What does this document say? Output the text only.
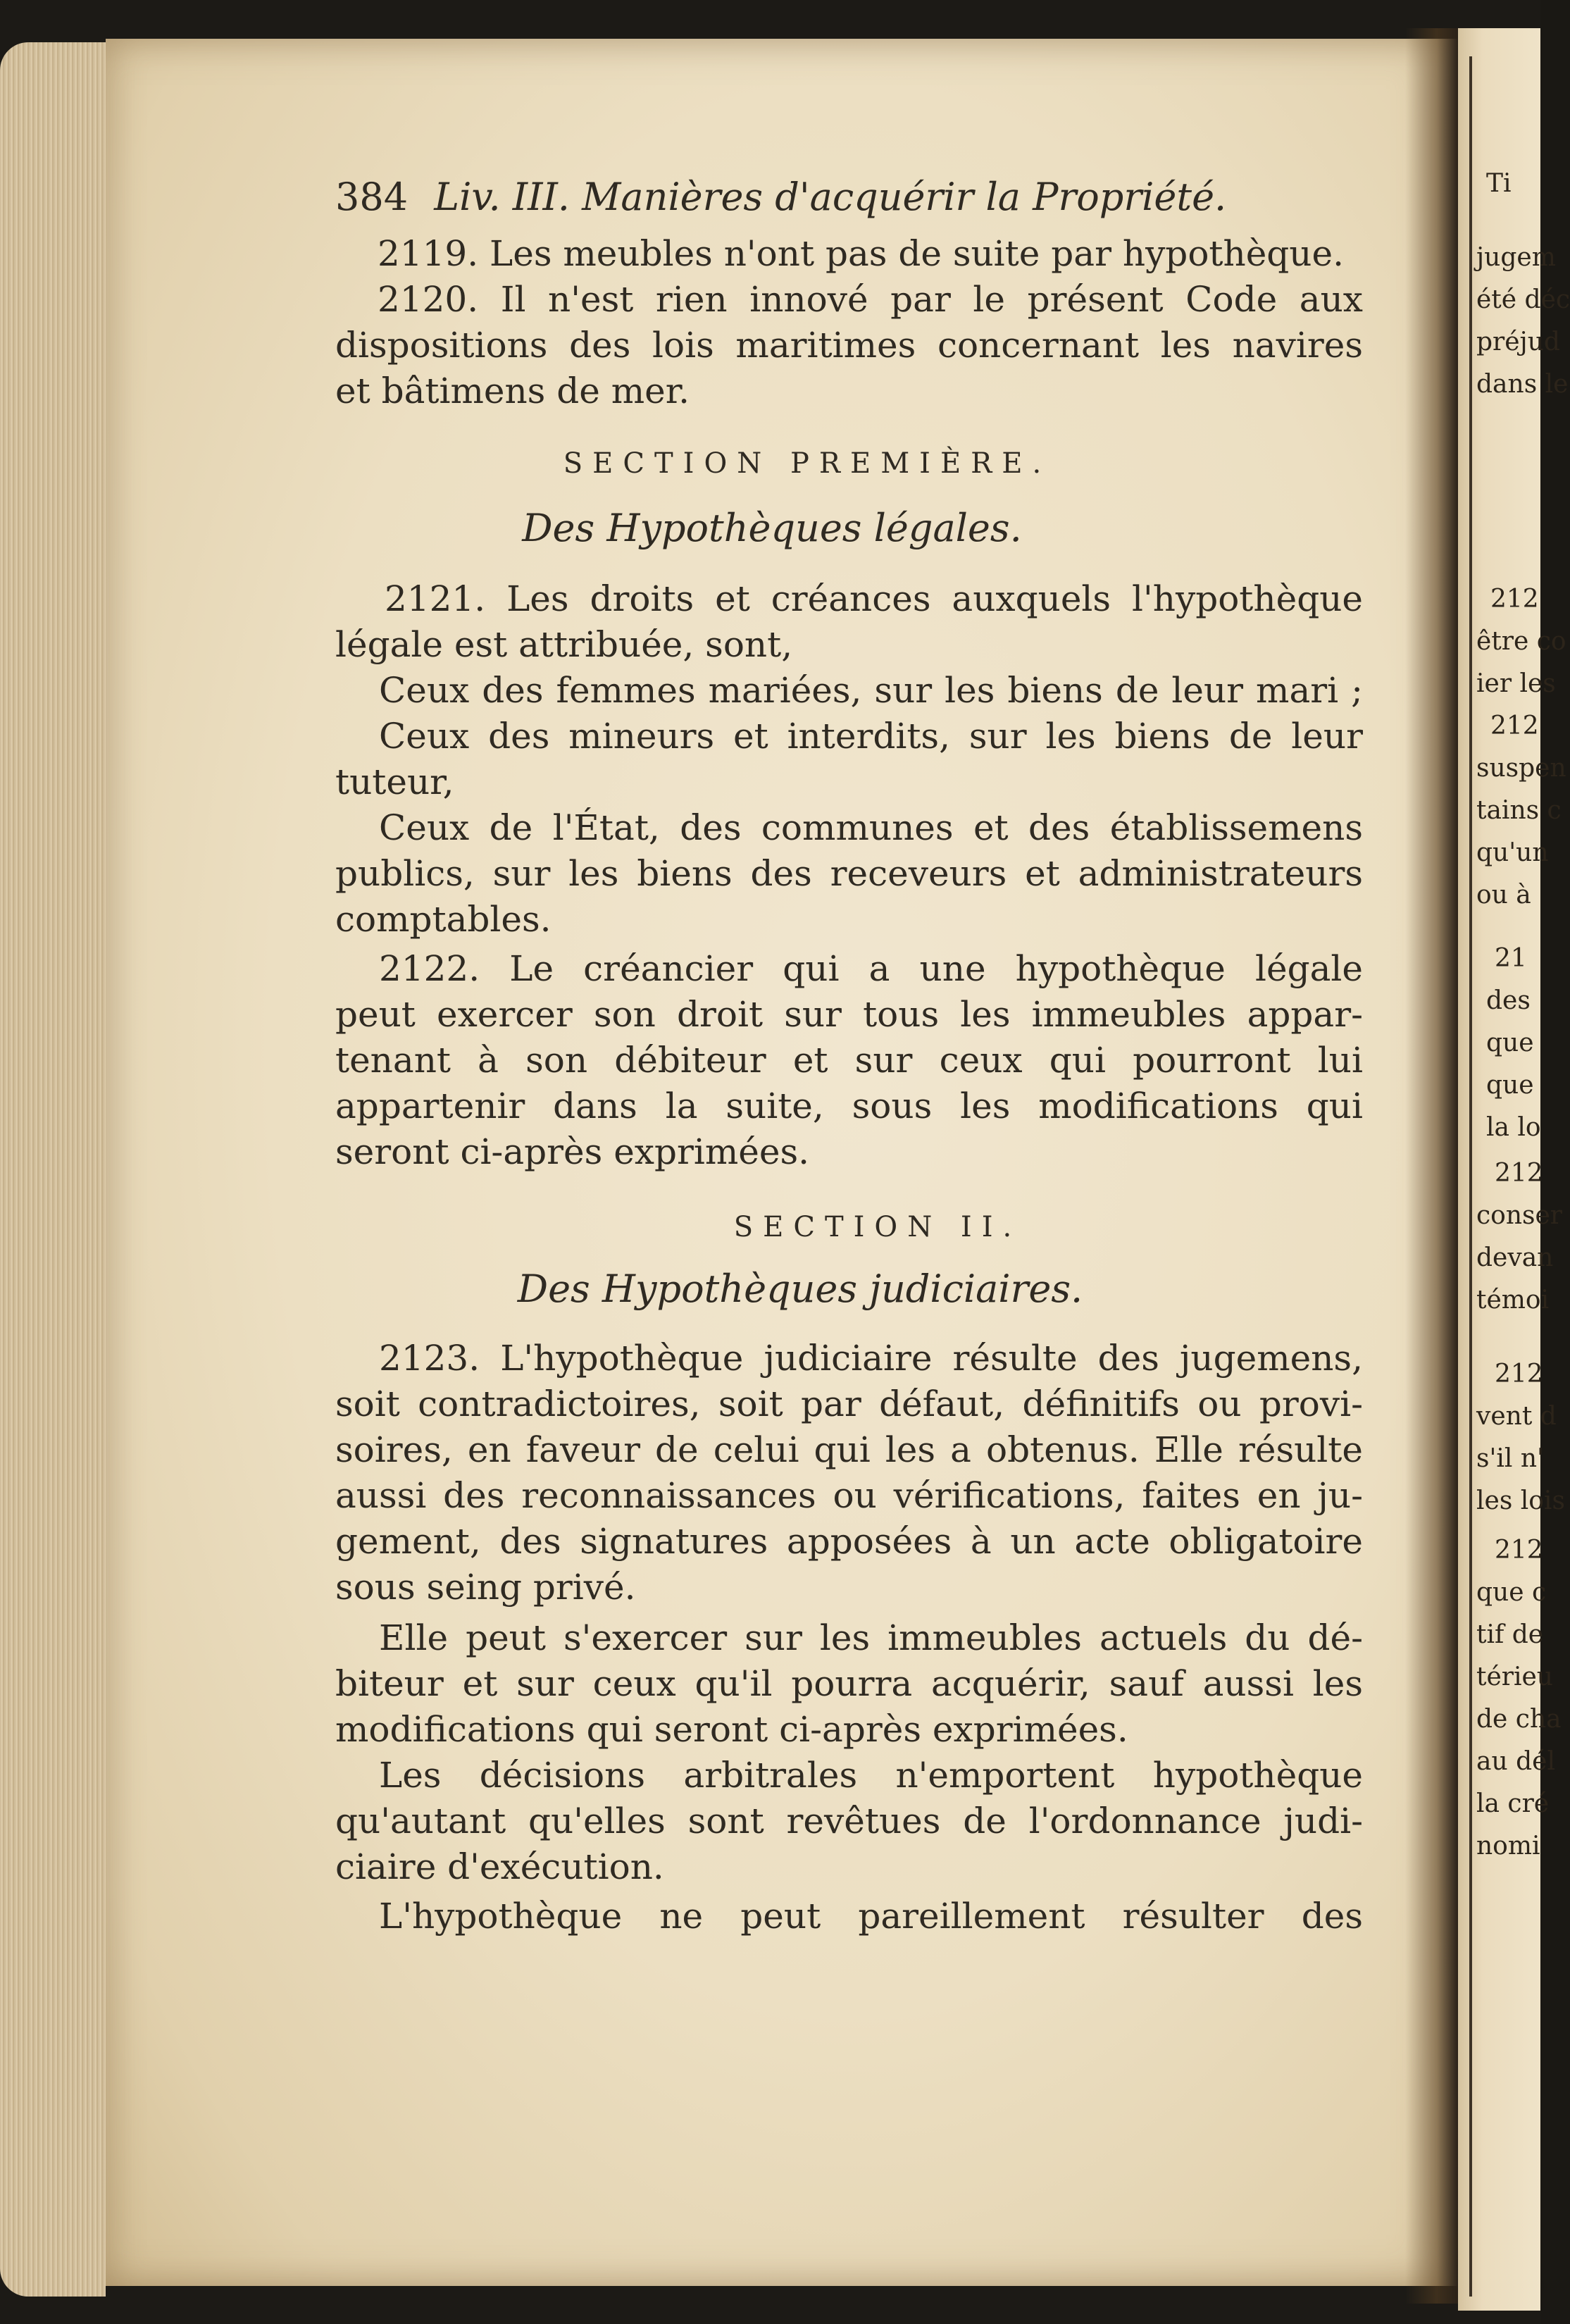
Ti
jugem
été déc
préjud
dans le
212
être co
ier les
212
suspen
tains c
qu'un
ou à
21
des
que
que
la lo
212
conser
devan
témoi
212
vent d
s'il n'
les lois
212
que c
tif de
térieu
de cha
au dél
la cré
nomi
384 Liv. III. Manières d'acquérir la Propriété.
2119. Les meubles n'ont pas de suite par hypothèque.
2120. Il n'est rien innové par le présent Code aux
dispositions des lois maritimes concernant les navires
et bâtimens de mer.
SECTION PREMIÈRE.
Des Hypothèques légales.
2121. Les droits et créances auxquels l'hypothèque
légale est attribuée, sont,
Ceux des femmes mariées, sur les biens de leur mari ;
Ceux des mineurs et interdits, sur les biens de leur
tuteur,
Ceux de l'État, des communes et des établissemens
publics, sur les biens des receveurs et administrateurs
comptables.
2122. Le créancier qui a une hypothèque légale
peut exercer son droit sur tous les immeubles appar-
tenant à son débiteur et sur ceux qui pourront lui
appartenir dans la suite, sous les modifications qui
seront ci-après exprimées.
SECTION II.
Des Hypothèques judiciaires.
2123. L'hypothèque judiciaire résulte des jugemens,
soit contradictoires, soit par défaut, définitifs ou provi-
soires, en faveur de celui qui les a obtenus. Elle résulte
aussi des reconnaissances ou vérifications, faites en ju-
gement, des signatures apposées à un acte obligatoire
sous seing privé.
Elle peut s'exercer sur les immeubles actuels du dé-
biteur et sur ceux qu'il pourra acquérir, sauf aussi les
modifications qui seront ci-après exprimées.
Les décisions arbitrales n'emportent hypothèque
qu'autant qu'elles sont revêtues de l'ordonnance judi-
ciaire d'exécution.
L'hypothèque ne peut pareillement résulter des
